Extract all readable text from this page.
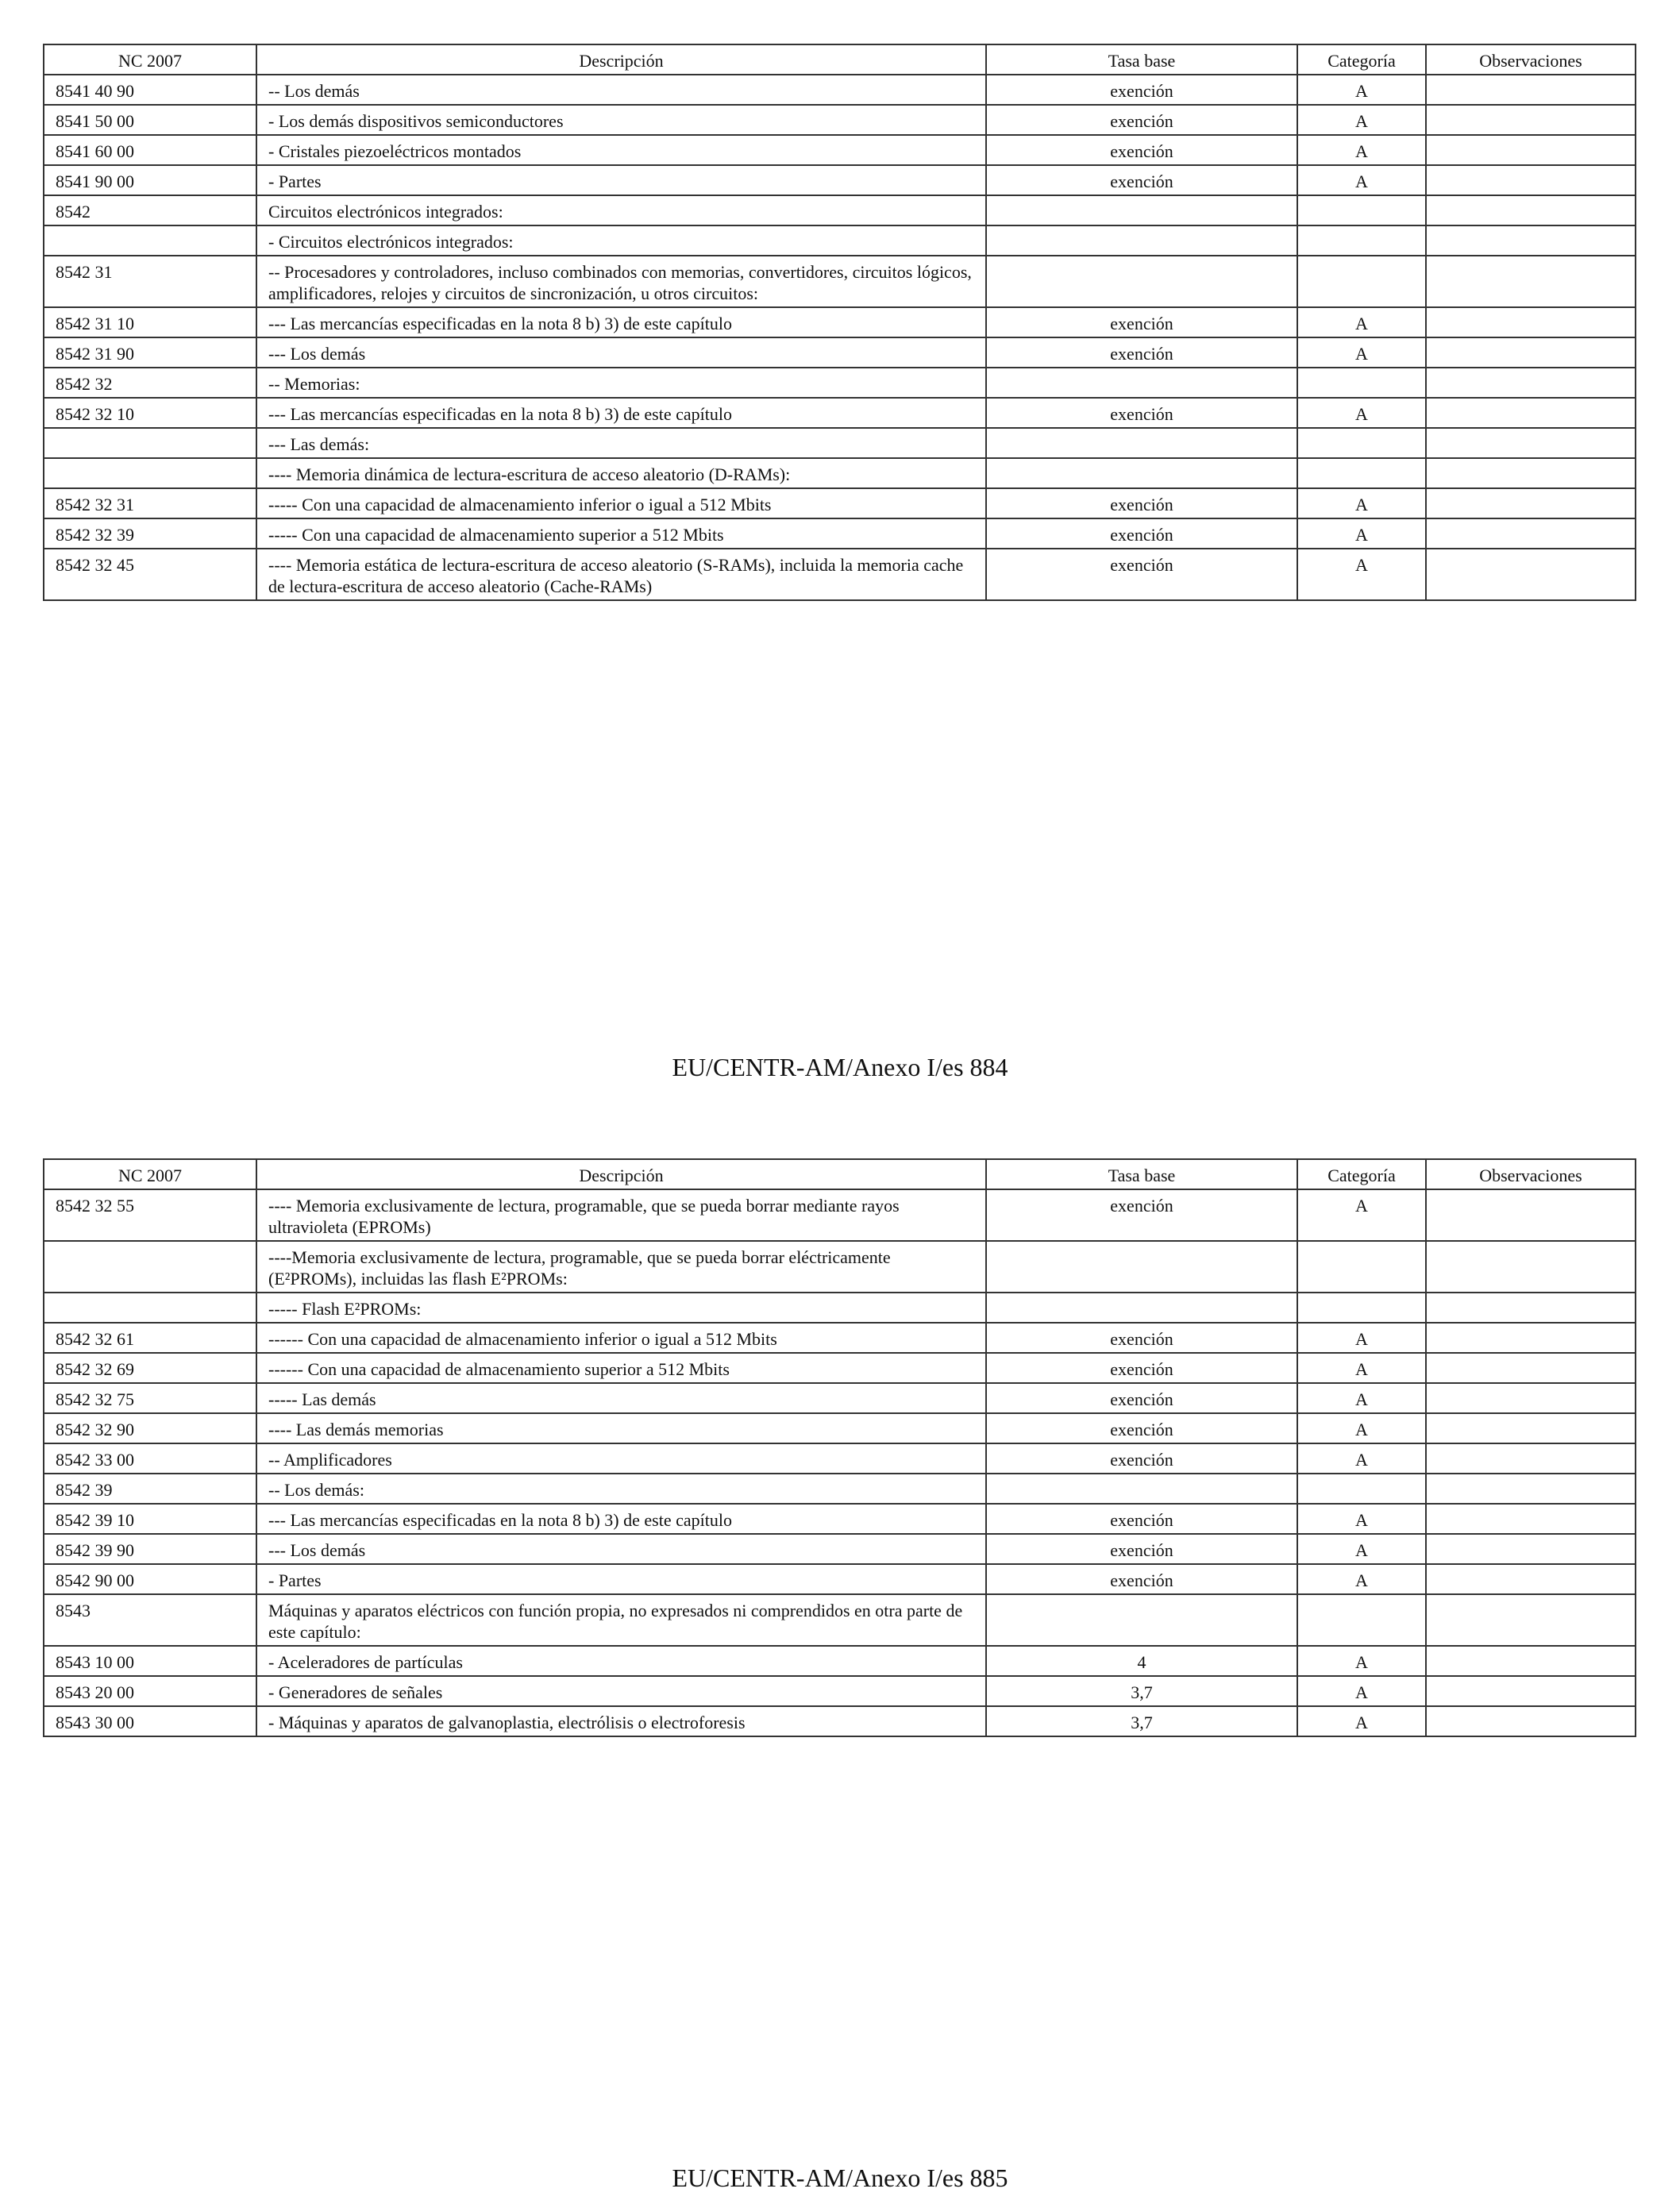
NC 2007	Descripción	Tasa base	Categoría	Observaciones
8541 40 90	-- Los demás	exención	A	
8541 50 00	- Los demás dispositivos semiconductores	exención	A	
8541 60 00	- Cristales piezoeléctricos montados	exención	A	
8541 90 00	- Partes	exención	A	
8542	Circuitos electrónicos integrados:			
	- Circuitos electrónicos integrados:			
8542 31	-- Procesadores y controladores, incluso combinados con memorias, convertidores, circuitos lógicos, amplificadores, relojes y circuitos de sincronización, u otros circuitos:			
8542 31 10	--- Las mercancías especificadas en la nota 8 b) 3) de este capítulo	exención	A	
8542 31 90	--- Los demás	exención	A	
8542 32	-- Memorias:			
8542 32 10	--- Las mercancías especificadas en la nota 8 b) 3) de este capítulo	exención	A	
	--- Las demás:			
	---- Memoria dinámica de lectura-escritura de acceso aleatorio (D-RAMs):			
8542 32 31	----- Con una capacidad de almacenamiento inferior o igual a 512 Mbits	exención	A	
8542 32 39	----- Con una capacidad de almacenamiento superior a 512 Mbits	exención	A	
8542 32 45	---- Memoria estática de lectura-escritura de acceso aleatorio (S-RAMs), incluida la memoria cache de lectura-escritura de acceso aleatorio (Cache-RAMs)	exención	A	
EU/CENTR-AM/Anexo I/es 884
NC 2007	Descripción	Tasa base	Categoría	Observaciones
8542 32 55	---- Memoria exclusivamente de lectura, programable, que se pueda borrar mediante rayos ultravioleta (EPROMs)	exención	A	
	----Memoria exclusivamente de lectura, programable, que se pueda borrar eléctricamente (E²PROMs), incluidas las flash E²PROMs:			
	----- Flash E²PROMs:			
8542 32 61	------ Con una capacidad de almacenamiento inferior o igual a 512 Mbits	exención	A	
8542 32 69	------ Con una capacidad de almacenamiento superior a 512 Mbits	exención	A	
8542 32 75	----- Las demás	exención	A	
8542 32 90	---- Las demás memorias	exención	A	
8542 33 00	-- Amplificadores	exención	A	
8542 39	-- Los demás:			
8542 39 10	--- Las mercancías especificadas en la nota 8 b) 3) de este capítulo	exención	A	
8542 39 90	--- Los demás	exención	A	
8542 90 00	- Partes	exención	A	
8543	Máquinas y aparatos eléctricos con función propia, no expresados ni comprendidos en otra parte de este capítulo:			
8543 10 00	- Aceleradores de partículas	4	A	
8543 20 00	- Generadores de señales	3,7	A	
8543 30 00	- Máquinas y aparatos de galvanoplastia, electrólisis o electroforesis	3,7	A	
EU/CENTR-AM/Anexo I/es 885
